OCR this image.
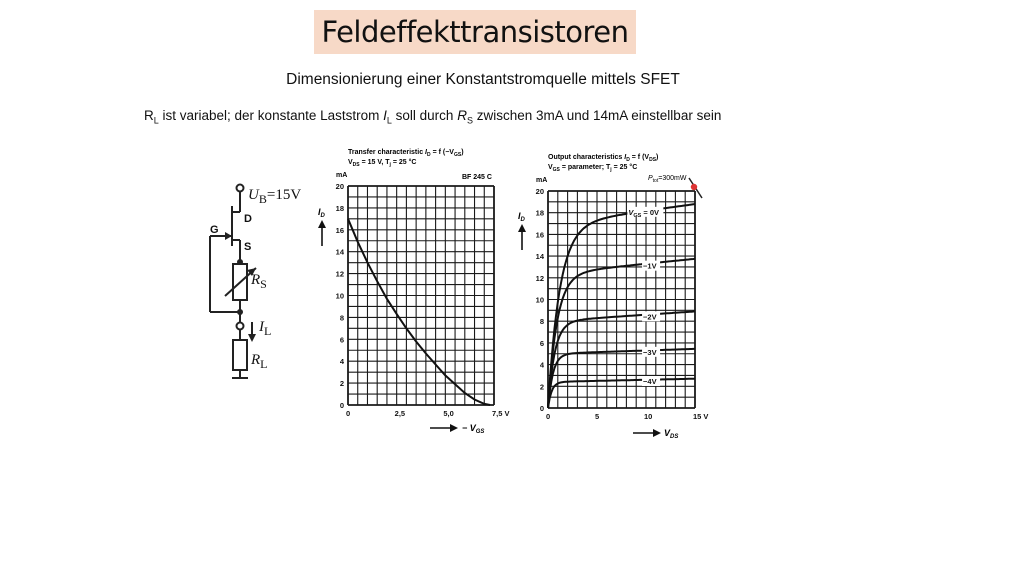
Feldeffekttransistoren
Dimensionierung einer Konstantstromquelle mittels SFET
$R_L$ ist variabel; der konstante Laststrom $I_L$ soll durch $R_S$ zwischen 3mA und 14mA einstellbar sein
$U_B=15V$
D
G
S
$R_S$
$I_L$
$R_L$
Transfer characteristic $I_D = f$ $(-V_{GS})$
$V_{DS} = 15$ V, $T_j = 25$ °C
BF 245 C
mA
$I_D$
− $V_{GS}$
0
2
4
6
8
10
12
14
16
18
20
0	2,5	5,0	7,5 V
Output characteristics $I_D = f$ $(V_{DS})$
$V_{GS}$ = parameter; $T_j = 25$ °C
$P_{tot}=300mW$
mA
$I_D$
$V_{DS}$
0
2
4
6
8
10
12
14
16
18
20
0	5	10	15 V
$V_{GS} = 0V$
−1V
−2V
−3V
−4V
